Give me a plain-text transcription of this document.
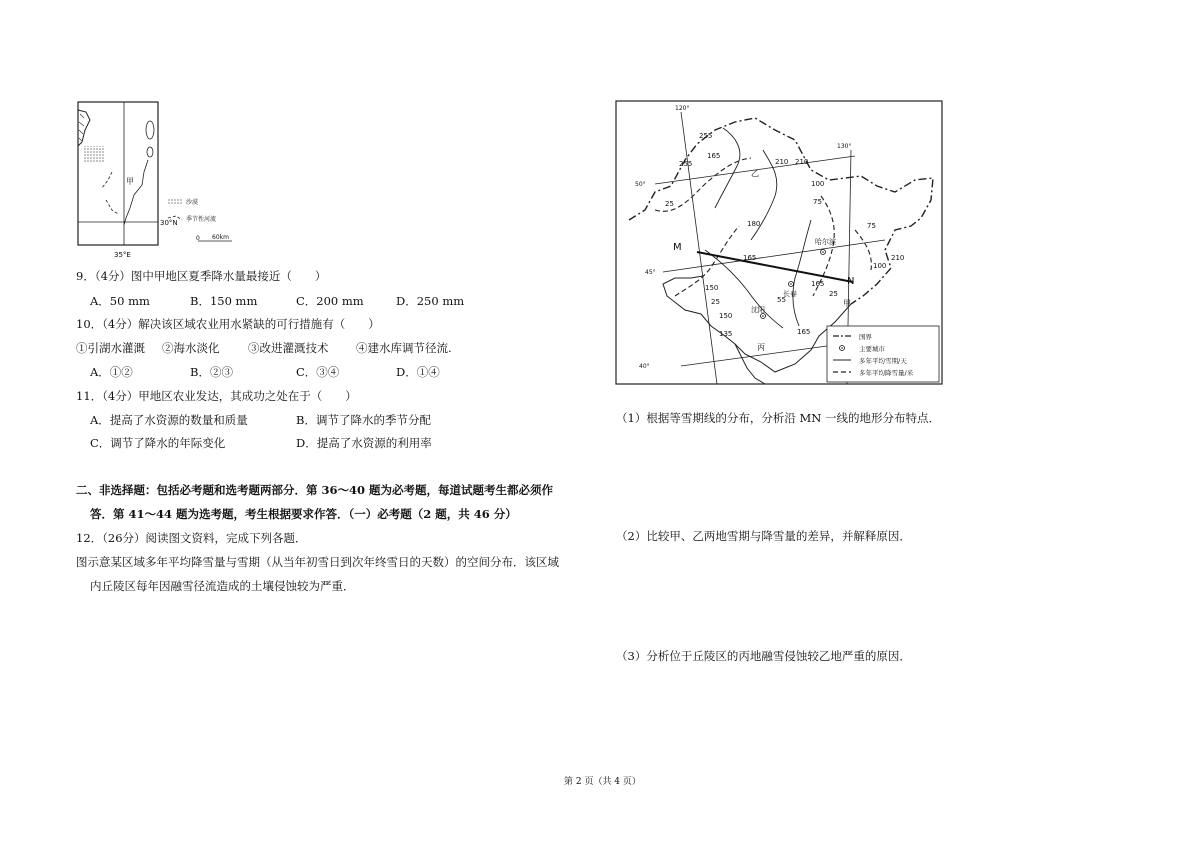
甲
30°N
35°E
沙漠
季节性河流
0 60km
9．（4分）图中甲地区夏季降水量最接近（　　）
A．50 mm	B．150 mm	C．200 mm	D．250 mm
10．（4分）解决该区域农业用水紧缺的可行措施有（　　）
①引湖水灌溉 ②海水淡化 ③改进灌溉技术 ④建水库调节径流.
A．①②	B．②③	C．③④	D．①④
11．（4分）甲地区农业发达，其成功之处在于（　　）
A．提高了水资源的数量和质量	B．调节了降水的季节分配
C．调节了降水的年际变化	D．提高了水资源的利用率
二、非选择题：包括必考题和选考题两部分．第 36～40 题为必考题，每道试题考生都必须作
答．第 41～44 题为选考题，考生根据要求作答．（一）必考题（2 题，共 46 分）
12．（26分）阅读图文资料，完成下列各题．
图示意某区域多年平均降雪量与雪期（从当年初雪日到次年终雪日的天数）的空间分布．该区域
内丘陵区每年因融雪径流造成的土壤侵蚀较为严重．
120°
130°
50°
45°
40°
M
N
哈尔滨
长春
沈阳
甲
乙
丙
255
165
255	210
100
25	75
180
210
75
165
100
210
150
25	55
165
150
135
165
25
国界
主要城市
多年平均雪期/天
多年平均降雪量/米
（1）根据等雪期线的分布，分析沿 MN 一线的地形分布特点．
（2）比较甲、乙两地雪期与降雪量的差异，并解释原因．
（3）分析位于丘陵区的丙地融雪侵蚀较乙地严重的原因．
第 2 页（共 4 页）
